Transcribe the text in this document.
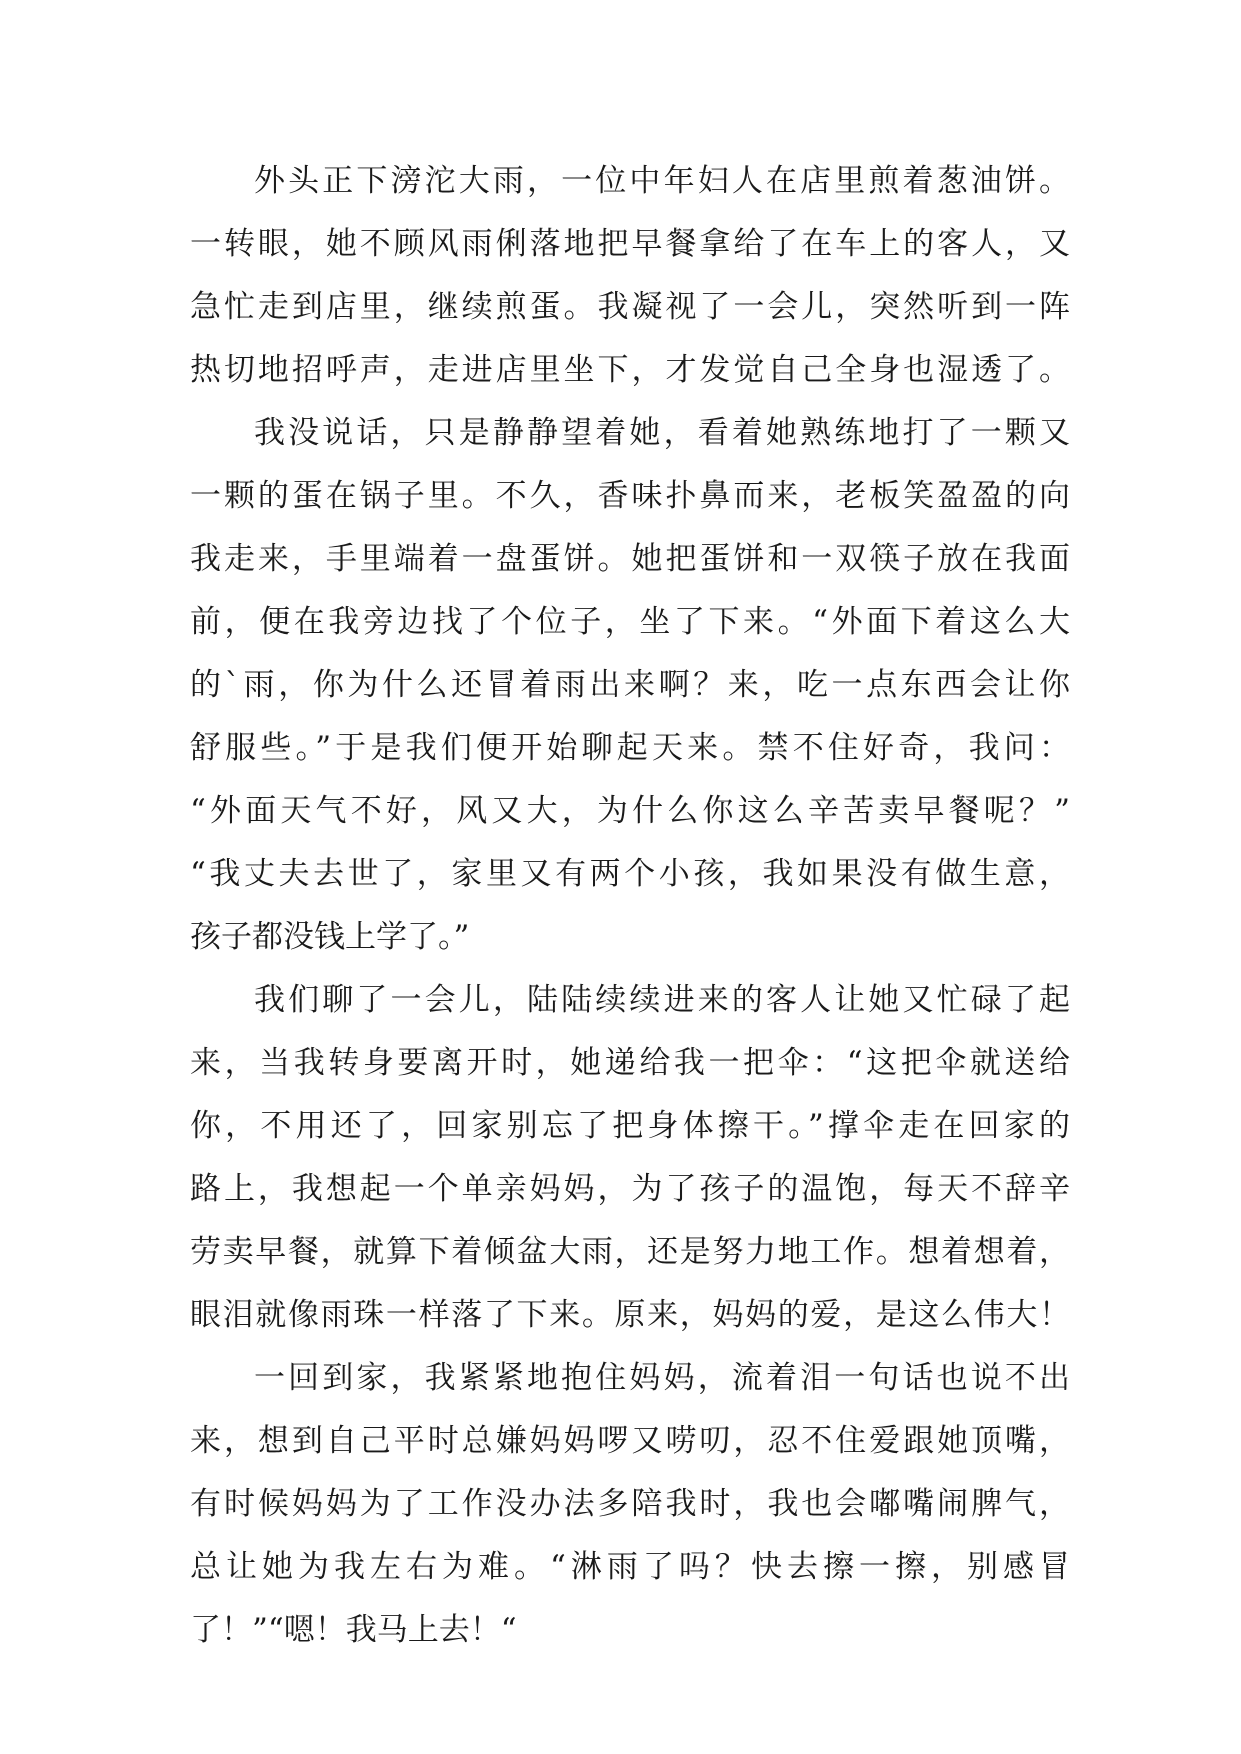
外头正下滂沱大雨，一位中年妇人在店里煎着葱油饼。
一转眼，她不顾风雨俐落地把早餐拿给了在车上的客人，又
急忙走到店里，继续煎蛋。我凝视了一会儿，突然听到一阵
热切地招呼声，走进店里坐下，才发觉自己全身也湿透了。
我没说话，只是静静望着她，看着她熟练地打了一颗又
一颗的蛋在锅子里。不久，香味扑鼻而来，老板笑盈盈的向
我走来，手里端着一盘蛋饼。她把蛋饼和一双筷子放在我面
前，便在我旁边找了个位子，坐了下来。“外面下着这么大
的`雨，你为什么还冒着雨出来啊？来，吃一点东西会让你
舒服些。”于是我们便开始聊起天来。禁不住好奇，我问：
“外面天气不好，风又大，为什么你这么辛苦卖早餐呢？”
“我丈夫去世了，家里又有两个小孩，我如果没有做生意，
孩子都没钱上学了。”
我们聊了一会儿，陆陆续续进来的客人让她又忙碌了起
来，当我转身要离开时，她递给我一把伞：“这把伞就送给
你，不用还了，回家别忘了把身体擦干。”撑伞走在回家的
路上，我想起一个单亲妈妈，为了孩子的温饱，每天不辞辛
劳卖早餐，就算下着倾盆大雨，还是努力地工作。想着想着，
眼泪就像雨珠一样落了下来。原来，妈妈的爱，是这么伟大！
一回到家，我紧紧地抱住妈妈，流着泪一句话也说不出
来，想到自己平时总嫌妈妈啰又唠叨，忍不住爱跟她顶嘴，
有时候妈妈为了工作没办法多陪我时，我也会嘟嘴闹脾气，
总让她为我左右为难。“淋雨了吗？快去擦一擦，别感冒
了！”“嗯！我马上去！“
